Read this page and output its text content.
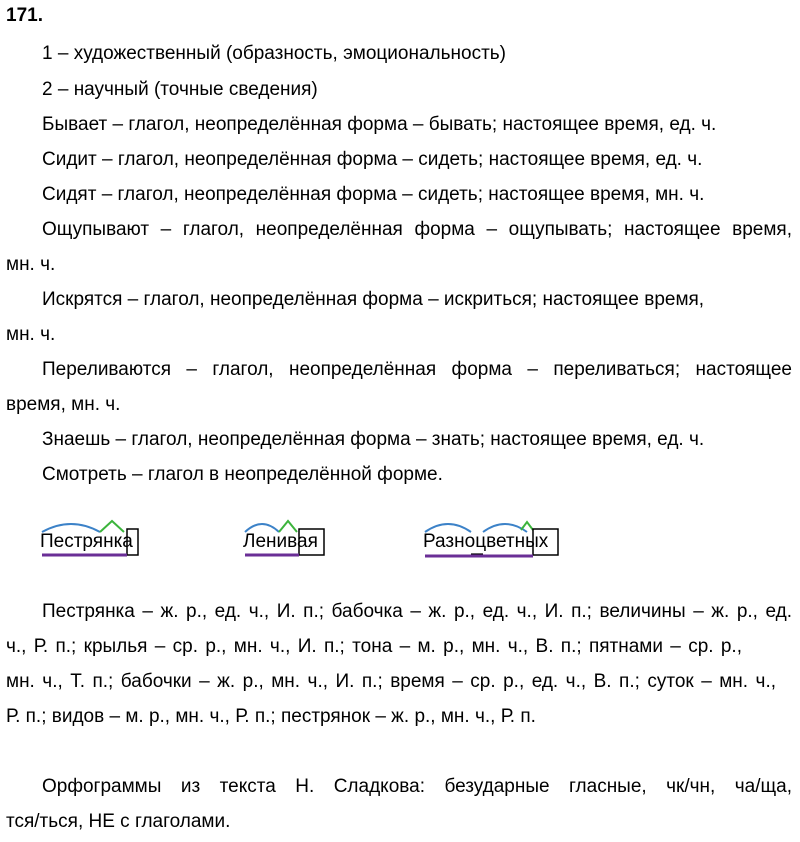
171.
1 – художественный (образность, эмоциональность)
2 – научный (точные сведения)
Бывает – глагол, неопределённая форма – бывать; настоящее время, ед. ч.
Сидит – глагол, неопределённая форма – сидеть; настоящее время, ед. ч.
Сидят – глагол, неопределённая форма – сидеть; настоящее время, мн. ч.
Ощупывают – глагол, неопределённая форма – ощупывать; настоящее время,
мн. ч.
Искрятся – глагол, неопределённая форма – искриться; настоящее время,
мн. ч.
Переливаются – глагол, неопределённая форма – переливаться; настоящее
время, мн. ч.
Знаешь – глагол, неопределённая форма – знать; настоящее время, ед. ч.
Смотреть – глагол в неопределённой форме.
Пестрянка	Ленивая	Разноцветных
Пестрянка – ж. р., ед. ч., И. п.; бабочка – ж. р., ед. ч., И. п.; величины – ж. р., ед.
ч., Р. п.; крылья – ср. р., мн. ч., И. п.; тона – м. р., мн. ч., В. п.; пятнами – ср. р.,
мн. ч., Т. п.; бабочки – ж. р., мн. ч., И. п.; время – ср. р., ед. ч., В. п.; суток – мн. ч.,
Р. п.; видов – м. р., мн. ч., Р. п.; пестрянок – ж. р., мн. ч., Р. п.
Орфограммы из текста Н. Сладкова: безударные гласные, чк/чн, ча/ща,
тся/ться, НЕ с глаголами.
